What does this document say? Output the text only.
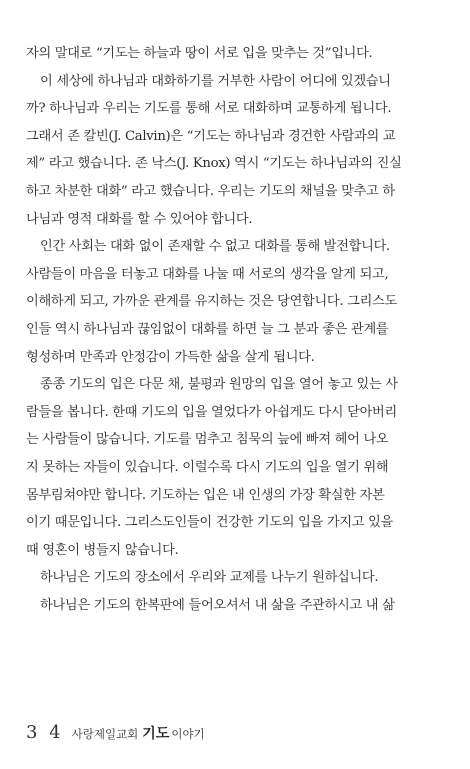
자의 말대로 “기도는 하늘과 땅이 서로 입을 맞추는 것”입니다.
이 세상에 하나님과 대화하기를 거부한 사람이 어디에 있겠습니
까? 하나님과 우리는 기도를 통해 서로 대화하며 교통하게 됩니다.
그래서 존 칼빈(J. Calvin)은 “기도는 하나님과 경건한 사람과의 교
제” 라고 했습니다. 존 낙스(J. Knox) 역시 “기도는 하나님과의 진실
하고 차분한 대화” 라고 했습니다. 우리는 기도의 채널을 맞추고 하
나님과 영적 대화를 할 수 있어야 합니다.
인간 사회는 대화 없이 존재할 수 없고 대화를 통해 발전합니다.
사람들이 마음을 터놓고 대화를 나눌 때 서로의 생각을 알게 되고,
이해하게 되고, 가까운 관계를 유지하는 것은 당연합니다. 그리스도
인들 역시 하나님과 끊임없이 대화를 하면 늘 그 분과 좋은 관계를
형성하며 만족과 안정감이 가득한 삶을 살게 됩니다.
종종 기도의 입은 다문 채, 불평과 원망의 입을 열어 놓고 있는 사
람들을 봅니다. 한때 기도의 입을 열었다가 아쉽게도 다시 닫아버리
는 사람들이 많습니다. 기도를 멈추고 침묵의 늪에 빠져 헤어 나오
지 못하는 자들이 있습니다. 이럴수록 다시 기도의 입을 열기 위해
몸부림쳐야만 합니다. 기도하는 입은 내 인생의 가장 확실한 자본
이기 때문입니다. 그리스도인들이 건강한 기도의 입을 가지고 있을
때 영혼이 병들지 않습니다.
하나님은 기도의 장소에서 우리와 교제를 나누기 원하십니다.
하나님은 기도의 한복판에 들어오셔서 내 삶을 주관하시고 내 삶
3 4 사랑제일교회 기도 이야기
